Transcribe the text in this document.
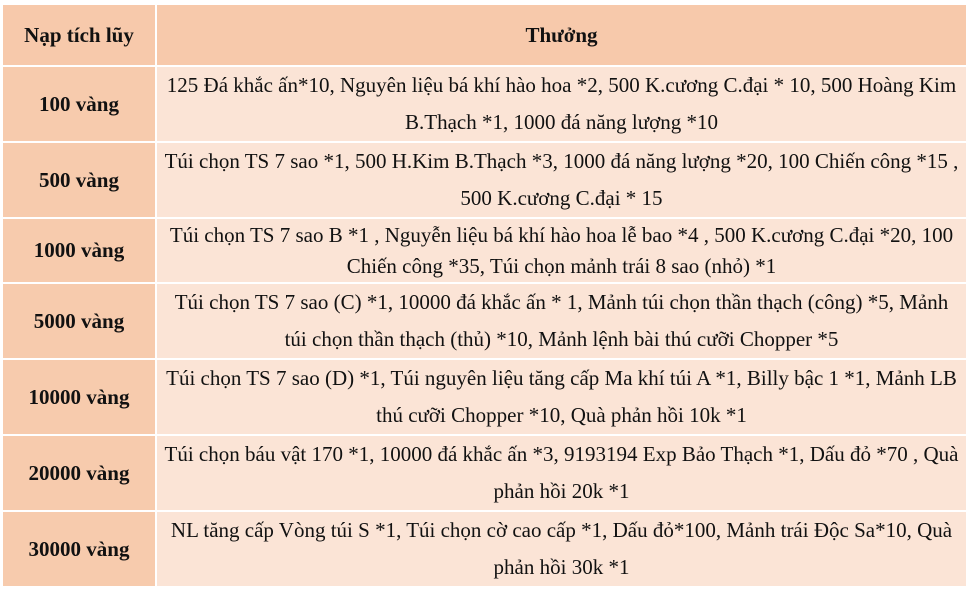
Nạp tích lũy	Thưởng
100 vàng	125 Đá khắc ấn*10, Nguyên liệu bá khí hào hoa *2, 500 K.cương C.đại * 10, 500 Hoàng Kim B.Thạch *1, 1000 đá năng lượng *10
500 vàng	Túi chọn TS 7 sao *1, 500 H.Kim B.Thạch *3, 1000 đá năng lượng *20, 100 Chiến công *15 , 500 K.cương C.đại * 15
1000 vàng	Túi chọn TS 7 sao B *1 , Nguyễn liệu bá khí hào hoa lễ bao *4 , 500 K.cương C.đại *20, 100 Chiến công *35, Túi chọn mảnh trái 8 sao (nhỏ) *1
5000 vàng	Túi chọn TS 7 sao (C) *1, 10000 đá khắc ấn * 1, Mảnh túi chọn thần thạch (công) *5, Mảnh túi chọn thần thạch (thủ) *10, Mảnh lệnh bài thú cưỡi Chopper *5
10000 vàng	Túi chọn TS 7 sao (D) *1, Túi nguyên liệu tăng cấp Ma khí túi A *1, Billy bậc 1 *1, Mảnh LB thú cưỡi Chopper *10, Quà phản hồi 10k *1
20000 vàng	Túi chọn báu vật 170 *1, 10000 đá khắc ấn *3, 9193194 Exp Bảo Thạch *1, Dấu đỏ *70 , Quà phản hồi 20k *1
30000 vàng	NL tăng cấp Vòng túi S *1, Túi chọn cờ cao cấp *1, Dấu đỏ*100, Mảnh trái Độc Sa*10, Quà phản hồi 30k *1
